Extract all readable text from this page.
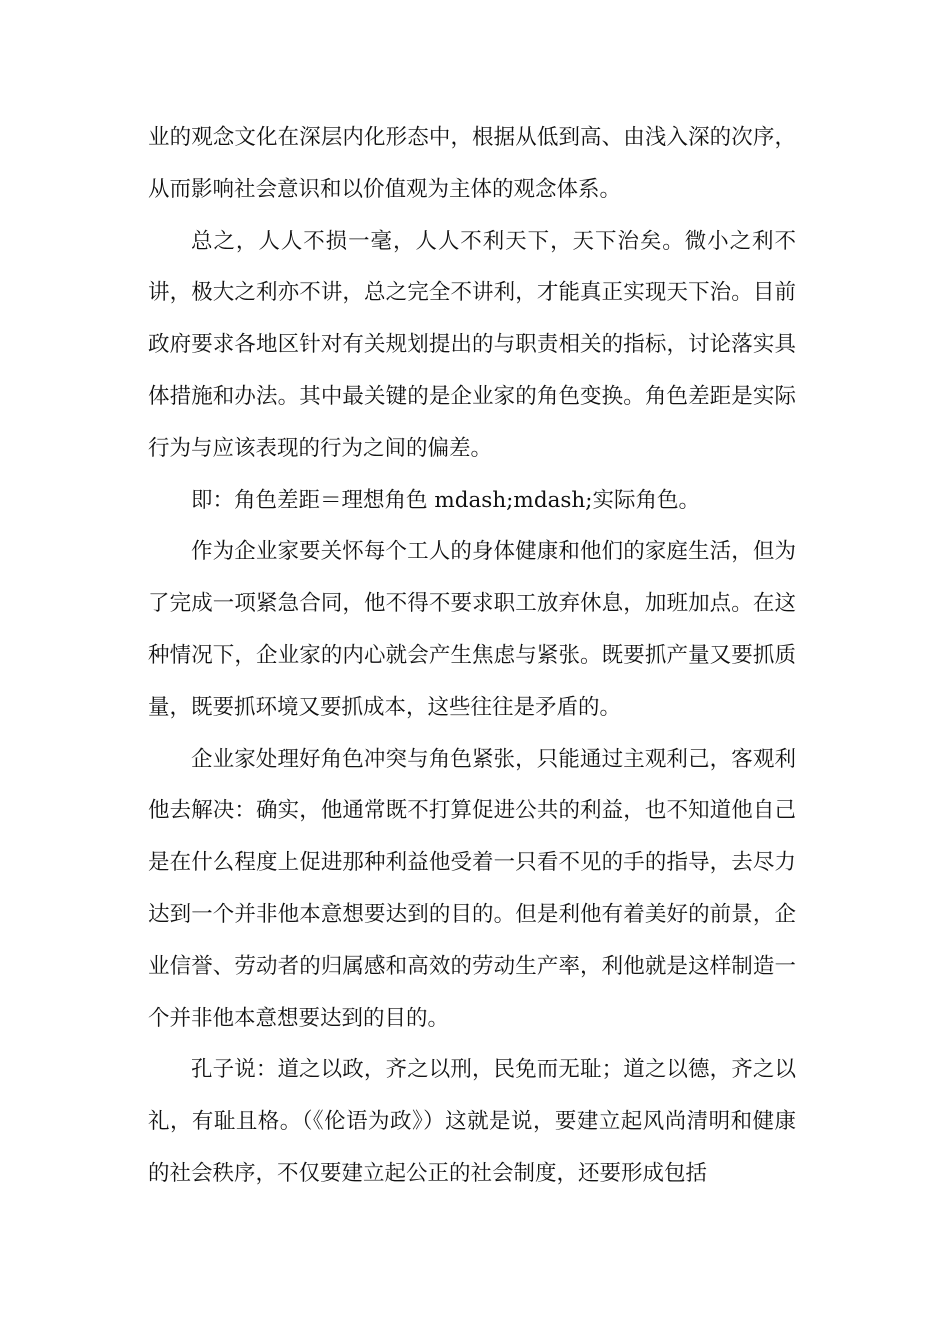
业的观念文化在深层内化形态中，根据从低到高、由浅入深的次序，从而影响社会意识和以价值观为主体的观念体系。

总之，人人不损一毫，人人不利天下，天下治矣。微小之利不讲，极大之利亦不讲，总之完全不讲利，才能真正实现天下治。目前政府要求各地区针对有关规划提出的与职责相关的指标，讨论落实具体措施和办法。其中最关键的是企业家的角色变换。角色差距是实际行为与应该表现的行为之间的偏差。

即：角色差距＝理想角色 mdash;mdash;实际角色。

作为企业家要关怀每个工人的身体健康和他们的家庭生活，但为了完成一项紧急合同，他不得不要求职工放弃休息，加班加点。在这种情况下，企业家的内心就会产生焦虑与紧张。既要抓产量又要抓质量，既要抓环境又要抓成本，这些往往是矛盾的。

企业家处理好角色冲突与角色紧张，只能通过主观利己，客观利他去解决：确实，他通常既不打算促进公共的利益，也不知道他自己是在什么程度上促进那种利益他受着一只看不见的手的指导，去尽力达到一个并非他本意想要达到的目的。但是利他有着美好的前景，企业信誉、劳动者的归属感和高效的劳动生产率，利他就是这样制造一个并非他本意想要达到的目的。

孔子说：道之以政，齐之以刑，民免而无耻；道之以德，齐之以礼，有耻且格。（《伦语为政》）这就是说，要建立起风尚清明和健康的社会秩序，不仅要建立起公正的社会制度，还要形成包括
